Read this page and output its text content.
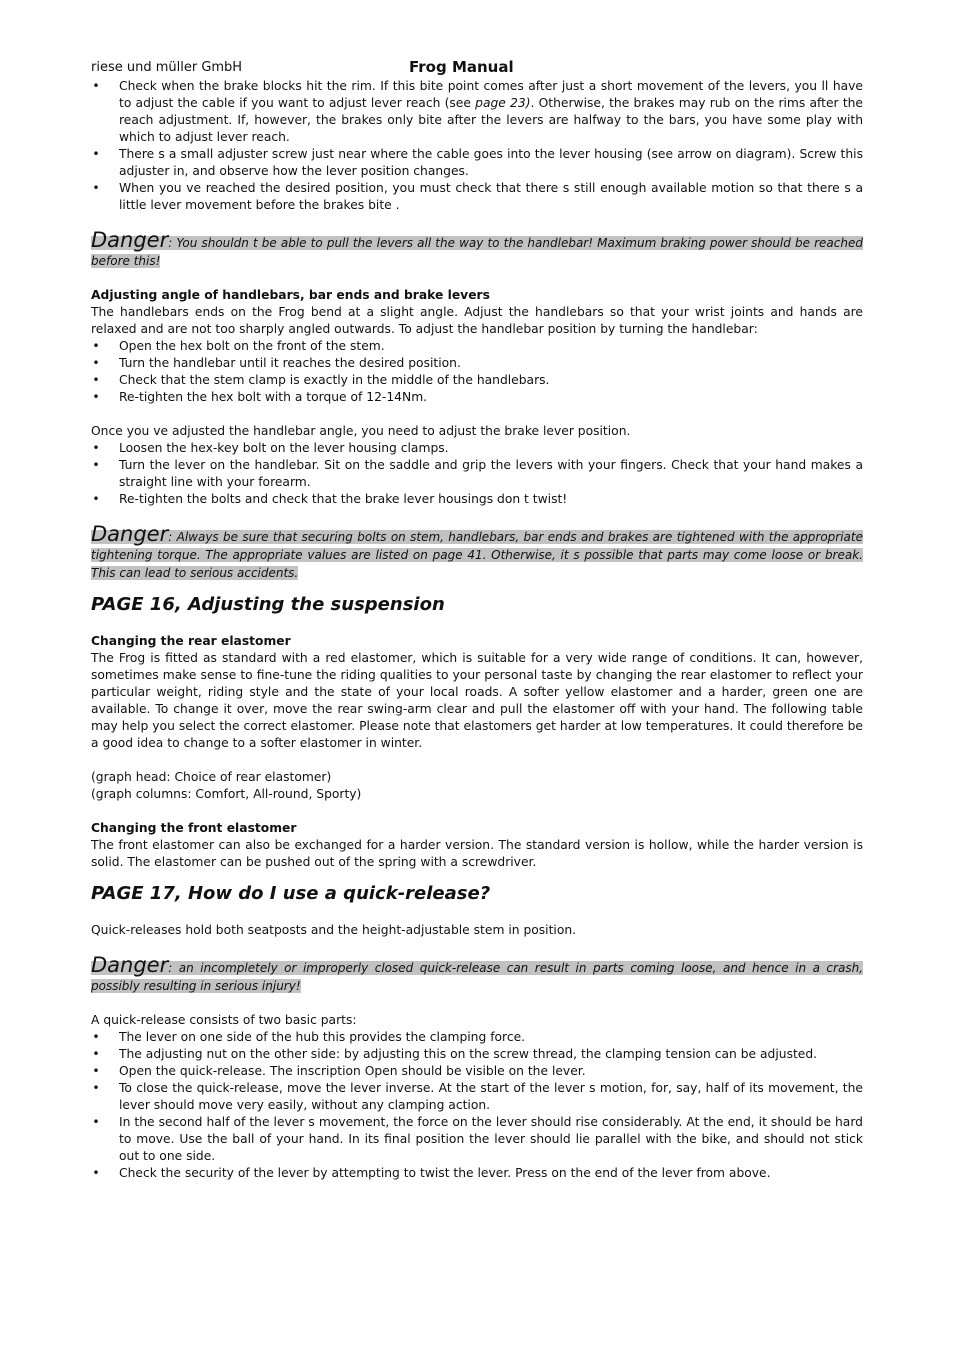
riese und müller GmbH	Frog Manual
• Check when the brake blocks hit the rim. If this bite point comes after just a short movement of the levers, you ll have to adjust the cable if you want to adjust lever reach (see page 23). Otherwise, the brakes may rub on the rims after the reach adjustment. If, however, the brakes only bite after the levers are halfway to the bars, you have some play with which to adjust lever reach.
• There s a small adjuster screw just near where the cable goes into the lever housing (see arrow on diagram). Screw this adjuster in, and observe how the lever position changes.
• When you ve reached the desired position, you must check that there s still enough available motion so that there s a little lever movement before the brakes bite .

Danger: You shouldn t be able to pull the levers all the way to the handlebar! Maximum braking power should be reached before this!

Adjusting angle of handlebars, bar ends and brake levers

The handlebars ends on the Frog bend at a slight angle. Adjust the handlebars so that your wrist joints and hands are relaxed and are not too sharply angled outwards. To adjust the handlebar position by turning the handlebar:

• Open the hex bolt on the front of the stem.
• Turn the handlebar until it reaches the desired position.
• Check that the stem clamp is exactly in the middle of the handlebars.
• Re-tighten the hex bolt with a torque of 12-14Nm.

Once you ve adjusted the handlebar angle, you need to adjust the brake lever position.

• Loosen the hex-key bolt on the lever housing clamps.
• Turn the lever on the handlebar. Sit on the saddle and grip the levers with your fingers. Check that your hand makes a straight line with your forearm.
• Re-tighten the bolts and check that the brake lever housings don t twist!

Danger: Always be sure that securing bolts on stem, handlebars, bar ends and brakes are tightened with the appropriate tightening torque. The appropriate values are listed on page 41. Otherwise, it s possible that parts may come loose or break. This can lead to serious accidents.

PAGE 16, Adjusting the suspension
Changing the rear elastomer

The Frog is fitted as standard with a red elastomer, which is suitable for a very wide range of conditions. It can, however, sometimes make sense to fine-tune the riding qualities to your personal taste by changing the rear elastomer to reflect your particular weight, riding style and the state of your local roads. A softer yellow elastomer and a harder, green one are available. To change it over, move the rear swing-arm clear and pull the elastomer off with your hand. The following table may help you select the correct elastomer. Please note that elastomers get harder at low temperatures. It could therefore be a good idea to change to a softer elastomer in winter.

(graph head: Choice of rear elastomer)

(graph columns: Comfort, All-round, Sporty)

Changing the front elastomer

The front elastomer can also be exchanged for a harder version. The standard version is hollow, while the harder version is solid. The elastomer can be pushed out of the spring with a screwdriver.

PAGE 17, How do I use a quick-release?

Quick-releases hold both seatposts and the height-adjustable stem in position.

Danger: an incompletely or improperly closed quick-release can result in parts coming loose, and hence in a crash, possibly resulting in serious injury!

A quick-release consists of two basic parts:

• The lever on one side of the hub this provides the clamping force.
• The adjusting nut on the other side: by adjusting this on the screw thread, the clamping tension can be adjusted.
• Open the quick-release. The inscription Open should be visible on the lever.
• To close the quick-release, move the lever inverse. At the start of the lever s motion, for, say, half of its movement, the lever should move very easily, without any clamping action.
• In the second half of the lever s movement, the force on the lever should rise considerably. At the end, it should be hard to move. Use the ball of your hand. In its final position the lever should lie parallel with the bike, and should not stick out to one side.
• Check the security of the lever by attempting to twist the lever. Press on the end of the lever from above.
